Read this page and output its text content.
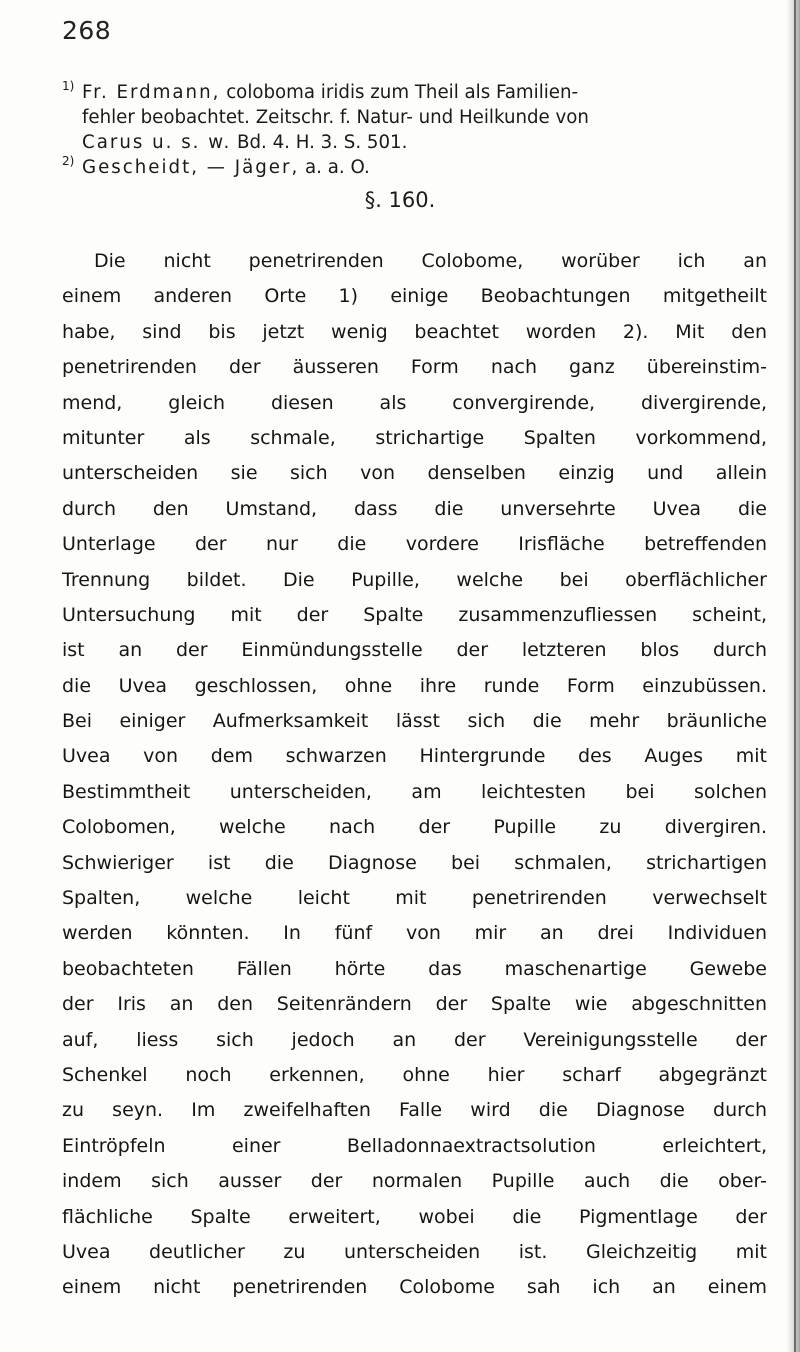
268
1) Fr. Erdmann, coloboma iridis zum Theil als Familien-
fehler beobachtet. Zeitschr. f. Natur- und Heilkunde von
Carus u. s. w. Bd. 4. H. 3. S. 501.
2) Gescheidt, — Jäger, a. a. O.
§. 160.
Die nicht penetrirenden Colobome, worüber ich an
einem anderen Orte 1) einige Beobachtungen mitgetheilt
habe, sind bis jetzt wenig beachtet worden 2). Mit den
penetrirenden der äusseren Form nach ganz übereinstim-
mend, gleich diesen als convergirende, divergirende,
mitunter als schmale, strichartige Spalten vorkommend,
unterscheiden sie sich von denselben einzig und allein
durch den Umstand, dass die unversehrte Uvea die
Unterlage der nur die vordere Irisfläche betreffenden
Trennung bildet. Die Pupille, welche bei oberflächlicher
Untersuchung mit der Spalte zusammenzufliessen scheint,
ist an der Einmündungsstelle der letzteren blos durch
die Uvea geschlossen, ohne ihre runde Form einzubüssen.
Bei einiger Aufmerksamkeit lässt sich die mehr bräunliche
Uvea von dem schwarzen Hintergrunde des Auges mit
Bestimmtheit unterscheiden, am leichtesten bei solchen
Colobomen, welche nach der Pupille zu divergiren.
Schwieriger ist die Diagnose bei schmalen, strichartigen
Spalten, welche leicht mit penetrirenden verwechselt
werden könnten. In fünf von mir an drei Individuen
beobachteten Fällen hörte das maschenartige Gewebe
der Iris an den Seitenrändern der Spalte wie abgeschnitten
auf, liess sich jedoch an der Vereinigungsstelle der
Schenkel noch erkennen, ohne hier scharf abgegränzt
zu seyn. Im zweifelhaften Falle wird die Diagnose durch
Eintröpfeln einer Belladonnaextractsolution erleichtert,
indem sich ausser der normalen Pupille auch die ober-
flächliche Spalte erweitert, wobei die Pigmentlage der
Uvea deutlicher zu unterscheiden ist. Gleichzeitig mit
einem nicht penetrirenden Colobome sah ich an einem
